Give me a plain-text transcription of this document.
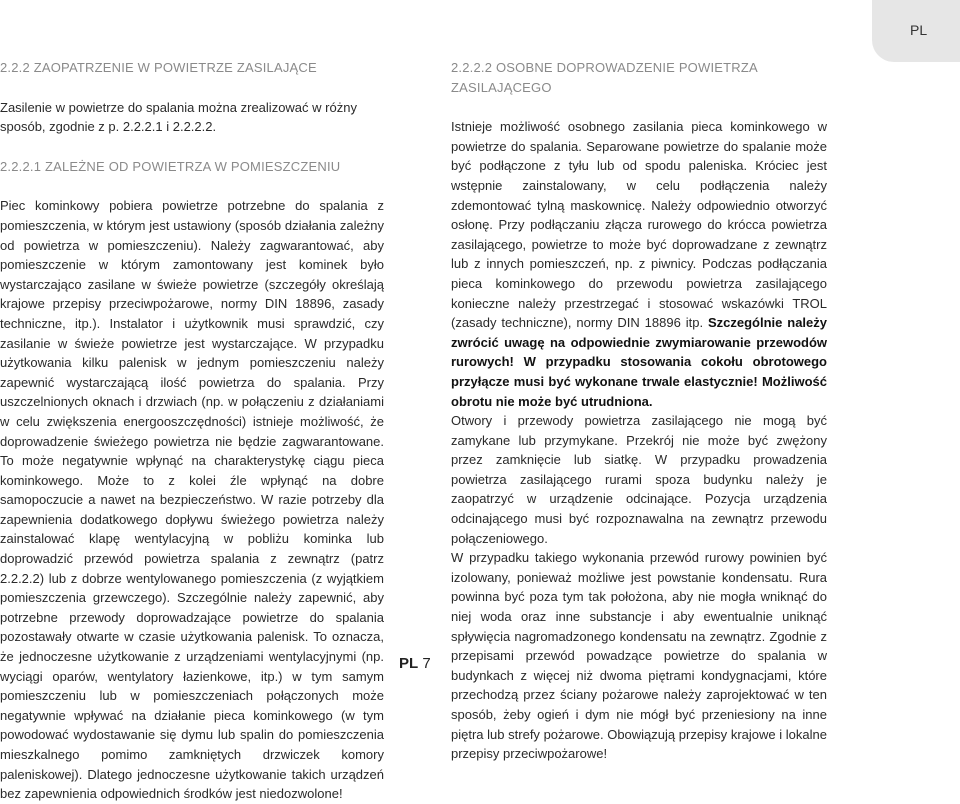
PL
2.2.2 ZAOPATRZENIE W POWIETRZE ZASILAJĄCE

Zasilenie w powietrze do spalania można zrealizować w różny sposób, zgodnie z p. 2.2.2.1 i 2.2.2.2.

2.2.2.1 ZALEŻNE OD POWIETRZA W POMIESZCZENIU

Piec kominkowy pobiera powietrze potrzebne do spalania z pomieszczenia, w którym jest ustawiony (sposób działania zależny od powietrza w pomieszczeniu). Należy zagwarantować, aby pomieszczenie w którym zamontowany jest kominek było wystarczająco zasilane w świeże powietrze (szczegóły określają krajowe przepisy przeciwpożarowe, normy DIN 18896, zasady techniczne, itp.). Instalator i użytkownik musi sprawdzić, czy zasilanie w świeże powietrze jest wystarczające. W przypadku użytkowania kilku palenisk w jednym pomieszczeniu należy zapewnić wystarczającą ilość powietrza do spalania. Przy uszczelnionych oknach i drzwiach (np. w połączeniu z działaniami w celu zwiększenia energooszczędności) istnieje możliwość, że doprowadzenie świeżego powietrza nie będzie zagwarantowane. To może negatywnie wpłynąć na charakterystykę ciągu pieca kominkowego. Może to z kolei źle wpłynąć na dobre samopoczucie a nawet na bezpieczeństwo. W razie potrzeby dla zapewnienia dodatkowego dopływu świeżego powietrza należy zainstalować klapę wentylacyjną w pobliżu kominka lub doprowadzić przewód powietrza spalania z zewnątrz (patrz 2.2.2.2) lub z dobrze wentylowanego pomieszczenia (z wyjątkiem pomieszczenia grzewczego). Szczególnie należy zapewnić, aby potrzebne przewody doprowadzające powietrze do spalania pozostawały otwarte w czasie użytkowania palenisk. To oznacza, że jednoczesne użytkowanie z urządzeniami wentylacyjnymi (np. wyciągi oparów, wentylatory łazienkowe, itp.) w tym samym pomieszczeniu lub w pomieszczeniach połączonych może negatywnie wpływać na działanie pieca kominkowego (w tym powodować wydostawanie się dymu lub spalin do pomieszczenia mieszkalnego pomimo zamkniętych drzwiczek komory paleniskowej). Dlatego jednoczesne użytkowanie takich urządzeń bez zapewnienia odpowiednich środków jest niedozwolone!

2.2.2.2 OSOBNE DOPROWADZENIE POWIETRZA ZASILAJĄCEGO

Istnieje możliwość osobnego zasilania pieca kominkowego w powietrze do spalania. Separowane powietrze do spalanie może być podłączone z tyłu lub od spodu paleniska. Króciec jest wstępnie zainstalowany, w celu podłączenia należy zdemontować tylną maskownicę. Należy odpowiednio otworzyć osłonę. Przy podłączaniu złącza rurowego do krócca powietrza zasilającego, powietrze to może być doprowadzane z zewnątrz lub z innych pomieszczeń, np. z piwnicy. Podczas podłączania pieca kominkowego do przewodu powietrza zasilającego konieczne należy przestrzegać i stosować wskazówki TROL (zasady techniczne), normy DIN 18896 itp. Szczególnie należy zwrócić uwagę na odpowiednie zwymiarowanie przewodów rurowych! W przypadku stosowania cokołu obrotowego przyłącze musi być wykonane trwale elastycznie! Możliwość obrotu nie może być utrudniona.

Otwory i przewody powietrza zasilającego nie mogą być zamykane lub przymykane. Przekrój nie może być zwężony przez zamknięcie lub siatkę. W przypadku prowadzenia powietrza zasilającego rurami spoza budynku należy je zaopatrzyć w urządzenie odcinające. Pozycja urządzenia odcinającego musi być rozpoznawalna na zewnątrz przewodu połączeniowego.

W przypadku takiego wykonania przewód rurowy powinien być izolowany, ponieważ możliwe jest powstanie kondensatu. Rura powinna być poza tym tak położona, aby nie mogła wniknąć do niej woda oraz inne substancje i aby ewentualnie uniknąć spływięcia nagromadzonego kondensatu na zewnątrz. Zgodnie z przepisami przewód powadzące powietrze do spalania w budynkach z więcej niż dwoma piętrami kondygnacjami, które przechodzą przez ściany pożarowe należy zaprojektować w ten sposób, żeby ogień i dym nie mógł być przeniesiony na inne piętra lub strefy pożarowe. Obowiązują przepisy krajowe i lokalne przepisy przeciwpożarowe!

PL 7
